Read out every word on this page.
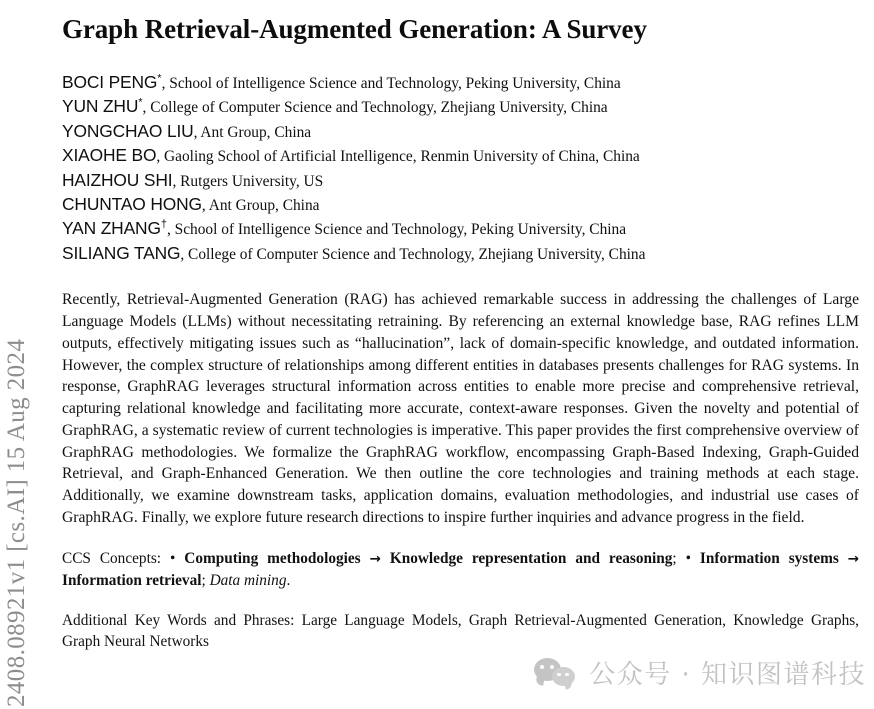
2408.08921v1 [cs.AI] 15 Aug 2024
Graph Retrieval-Augmented Generation: A Survey
BOCI PENG*, School of Intelligence Science and Technology, Peking University, China
YUN ZHU*, College of Computer Science and Technology, Zhejiang University, China
YONGCHAO LIU, Ant Group, China
XIAOHE BO, Gaoling School of Artificial Intelligence, Renmin University of China, China
HAIZHOU SHI, Rutgers University, US
CHUNTAO HONG, Ant Group, China
YAN ZHANG†, School of Intelligence Science and Technology, Peking University, China
SILIANG TANG, College of Computer Science and Technology, Zhejiang University, China

Recently, Retrieval-Augmented Generation (RAG) has achieved remarkable success in addressing the challenges of Large Language Models (LLMs) without necessitating retraining. By referencing an external knowledge base, RAG refines LLM outputs, effectively mitigating issues such as “hallucination”, lack of domain-specific knowledge, and outdated information. However, the complex structure of relationships among different entities in databases presents challenges for RAG systems. In response, GraphRAG leverages structural information across entities to enable more precise and comprehensive retrieval, capturing relational knowledge and facilitating more accurate, context-aware responses. Given the novelty and potential of GraphRAG, a systematic review of current technologies is imperative. This paper provides the first comprehensive overview of GraphRAG methodologies. We formalize the GraphRAG workflow, encompassing Graph-Based Indexing, Graph-Guided Retrieval, and Graph-Enhanced Generation. We then outline the core technologies and training methods at each stage. Additionally, we examine downstream tasks, application domains, evaluation methodologies, and industrial use cases of GraphRAG. Finally, we explore future research directions to inspire further inquiries and advance progress in the field.

CCS Concepts: • Computing methodologies → Knowledge representation and reasoning; • Information systems → Information retrieval; Data mining.

Additional Key Words and Phrases: Large Language Models, Graph Retrieval-Augmented Generation, Knowledge Graphs, Graph Neural Networks

公众号 · 知识图谱科技
